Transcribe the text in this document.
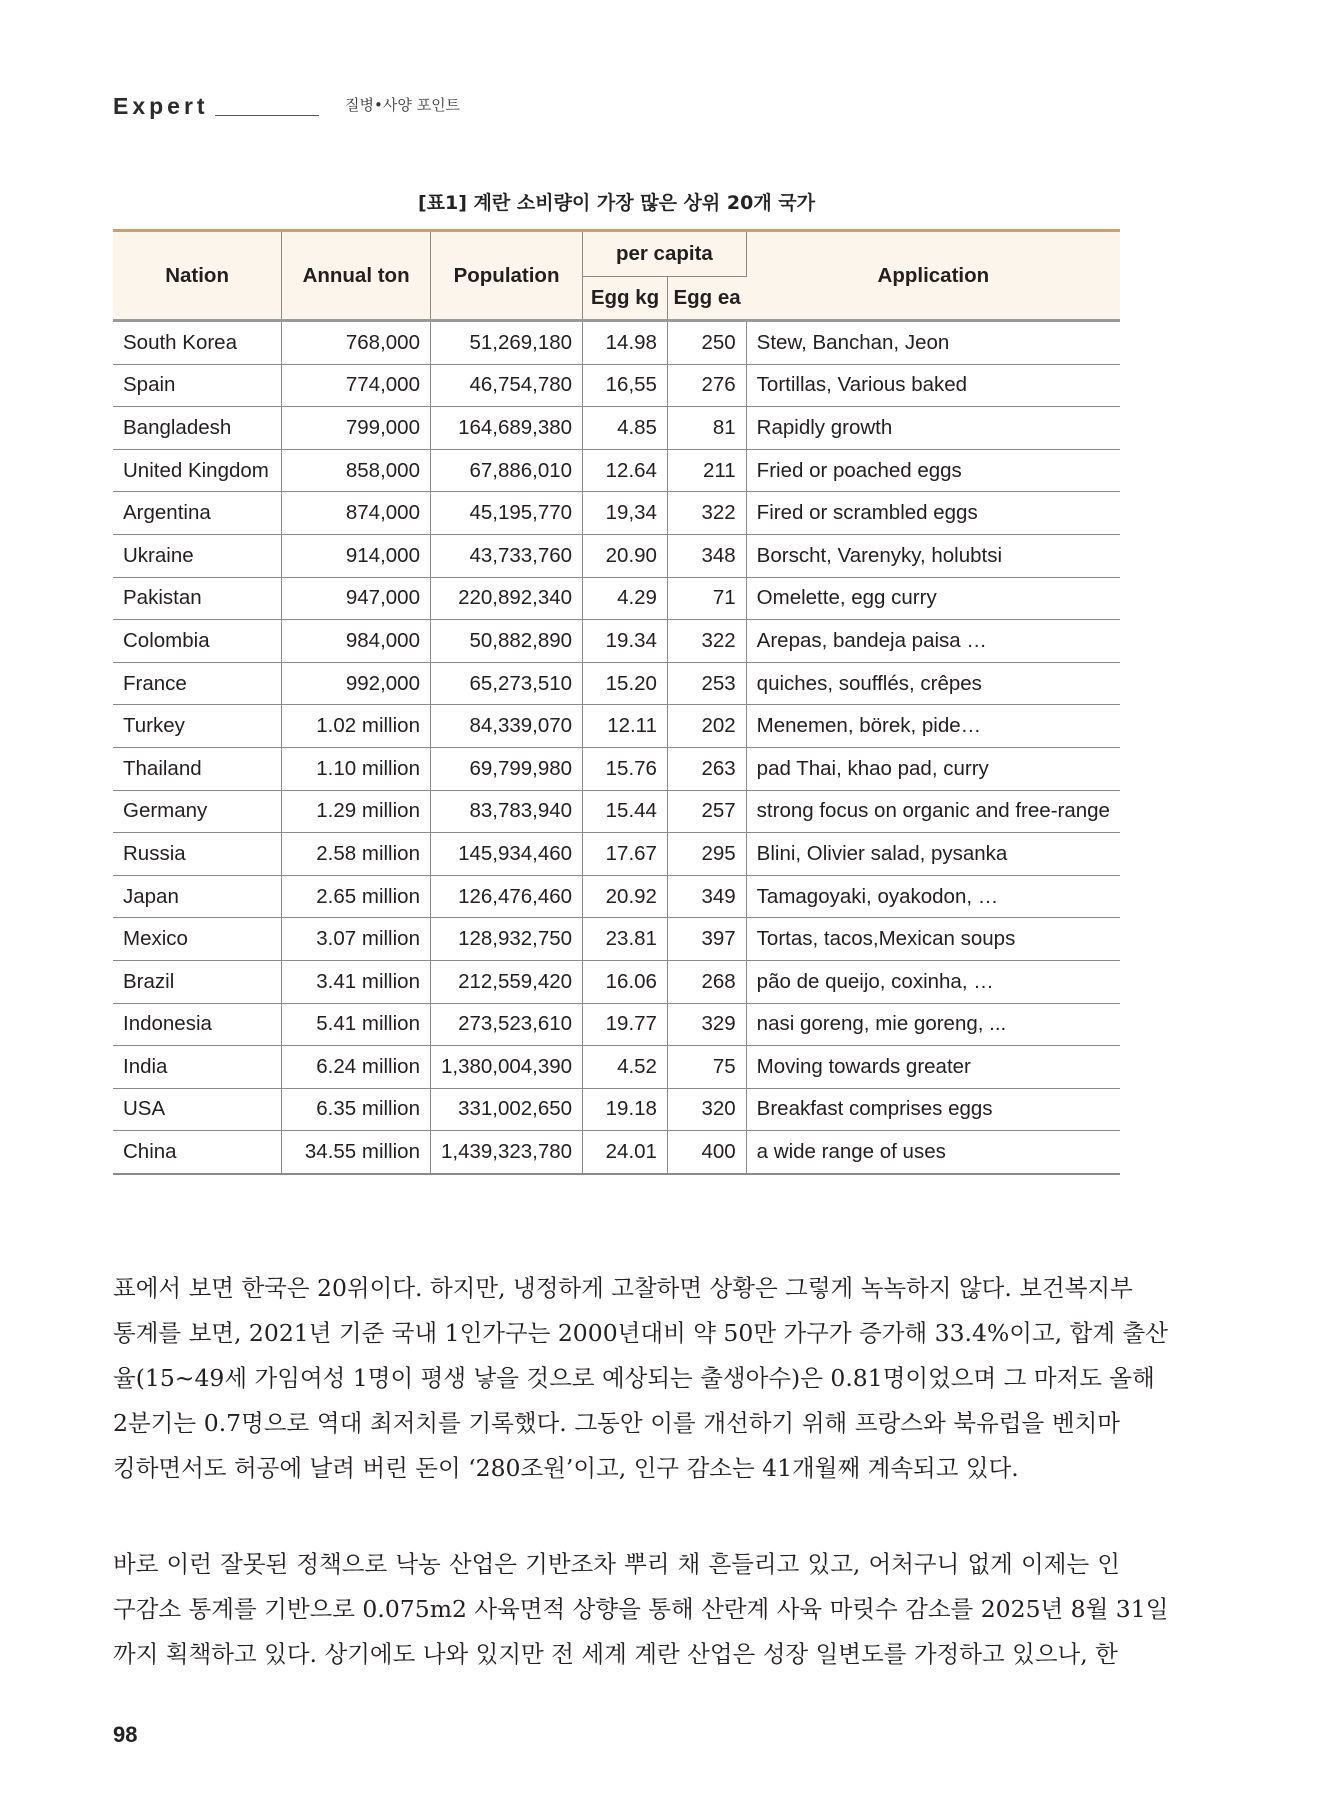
Expert	질병•사양 포인트
[표1] 계란 소비량이 가장 많은 상위 20개 국가
Nation	Annual ton	Population	per capita		Application
			Egg kg	Egg ea	
South Korea	768,000	51,269,180	14.98	250	Stew, Banchan, Jeon
Spain	774,000	46,754,780	16,55	276	Tortillas, Various baked
Bangladesh	799,000	164,689,380	4.85	81	Rapidly growth
United Kingdom	858,000	67,886,010	12.64	211	Fried or poached eggs
Argentina	874,000	45,195,770	19,34	322	Fired or scrambled eggs
Ukraine	914,000	43,733,760	20.90	348	Borscht, Varenyky, holubtsi
Pakistan	947,000	220,892,340	4.29	71	Omelette, egg curry
Colombia	984,000	50,882,890	19.34	322	Arepas, bandeja paisa …
France	992,000	65,273,510	15.20	253	quiches, soufflés, crêpes
Turkey	1.02 million	84,339,070	12.11	202	Menemen, börek, pide…
Thailand	1.10 million	69,799,980	15.76	263	pad Thai, khao pad, curry
Germany	1.29 million	83,783,940	15.44	257	strong focus on organic and free-range
Russia	2.58 million	145,934,460	17.67	295	Blini, Olivier salad, pysanka
Japan	2.65 million	126,476,460	20.92	349	Tamagoyaki, oyakodon, …
Mexico	3.07 million	128,932,750	23.81	397	Tortas, tacos,Mexican soups
Brazil	3.41 million	212,559,420	16.06	268	pão de queijo, coxinha, …
Indonesia	5.41 million	273,523,610	19.77	329	nasi goreng, mie goreng, ...
India	6.24 million	1,380,004,390	4.52	75	Moving towards greater
USA	6.35 million	331,002,650	19.18	320	Breakfast comprises eggs
China	34.55 million	1,439,323,780	24.01	400	a wide range of uses
표에서 보면 한국은 20위이다. 하지만, 냉정하게 고찰하면 상황은 그렇게 녹녹하지 않다. 보건복지부
통계를 보면, 2021년 기준 국내 1인가구는 2000년대비 약 50만 가구가 증가해 33.4%이고, 합계 출산
율(15~49세 가임여성 1명이 평생 낳을 것으로 예상되는 출생아수)은 0.81명이었으며 그 마저도 올해
2분기는 0.7명으로 역대 최저치를 기록했다. 그동안 이를 개선하기 위해 프랑스와 북유럽을 벤치마
킹하면서도 허공에 날려 버린 돈이 ‘280조원’이고, 인구 감소는 41개월째 계속되고 있다.
바로 이런 잘못된 정책으로 낙농 산업은 기반조차 뿌리 채 흔들리고 있고, 어처구니 없게 이제는 인
구감소 통계를 기반으로 0.075m2 사육면적 상향을 통해 산란계 사육 마릿수 감소를 2025년 8월 31일
까지 획책하고 있다. 상기에도 나와 있지만 전 세계 계란 산업은 성장 일변도를 가정하고 있으나, 한
98
